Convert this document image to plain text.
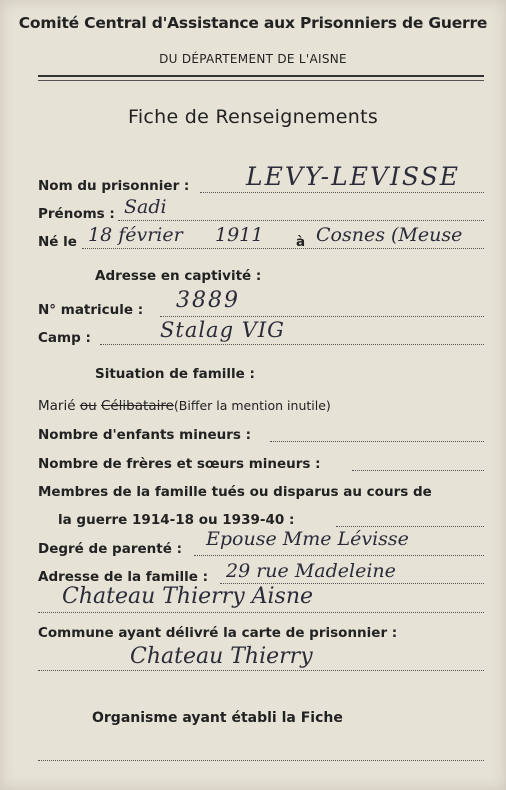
Comité Central d'Assistance aux Prisonniers de Guerre
DU DÉPARTEMENT DE L'AISNE
Fiche de Renseignements
Nom du prisonnier : LEVY-LEVISSE
Prénoms : Sadi
Né le 18 février 1911 à Cosnes (Meuse
Adresse en captivité :
N° matricule : 3889
Camp :	Stalag VIG
Situation de famille :
Marié ou Célibataire(Biffer la mention inutile)
Nombre d'enfants mineurs :
Nombre de frères et sœurs mineurs :
Membres de la famille tués ou disparus au cours de
la guerre 1914-18 ou 1939-40 :
Degré de parenté : Epouse Mme Lévisse
Adresse de la famille : 29 rue Madeleine
Chateau Thierry Aisne
Commune ayant délivré la carte de prisonnier :
Chateau Thierry
Organisme ayant établi la Fiche
